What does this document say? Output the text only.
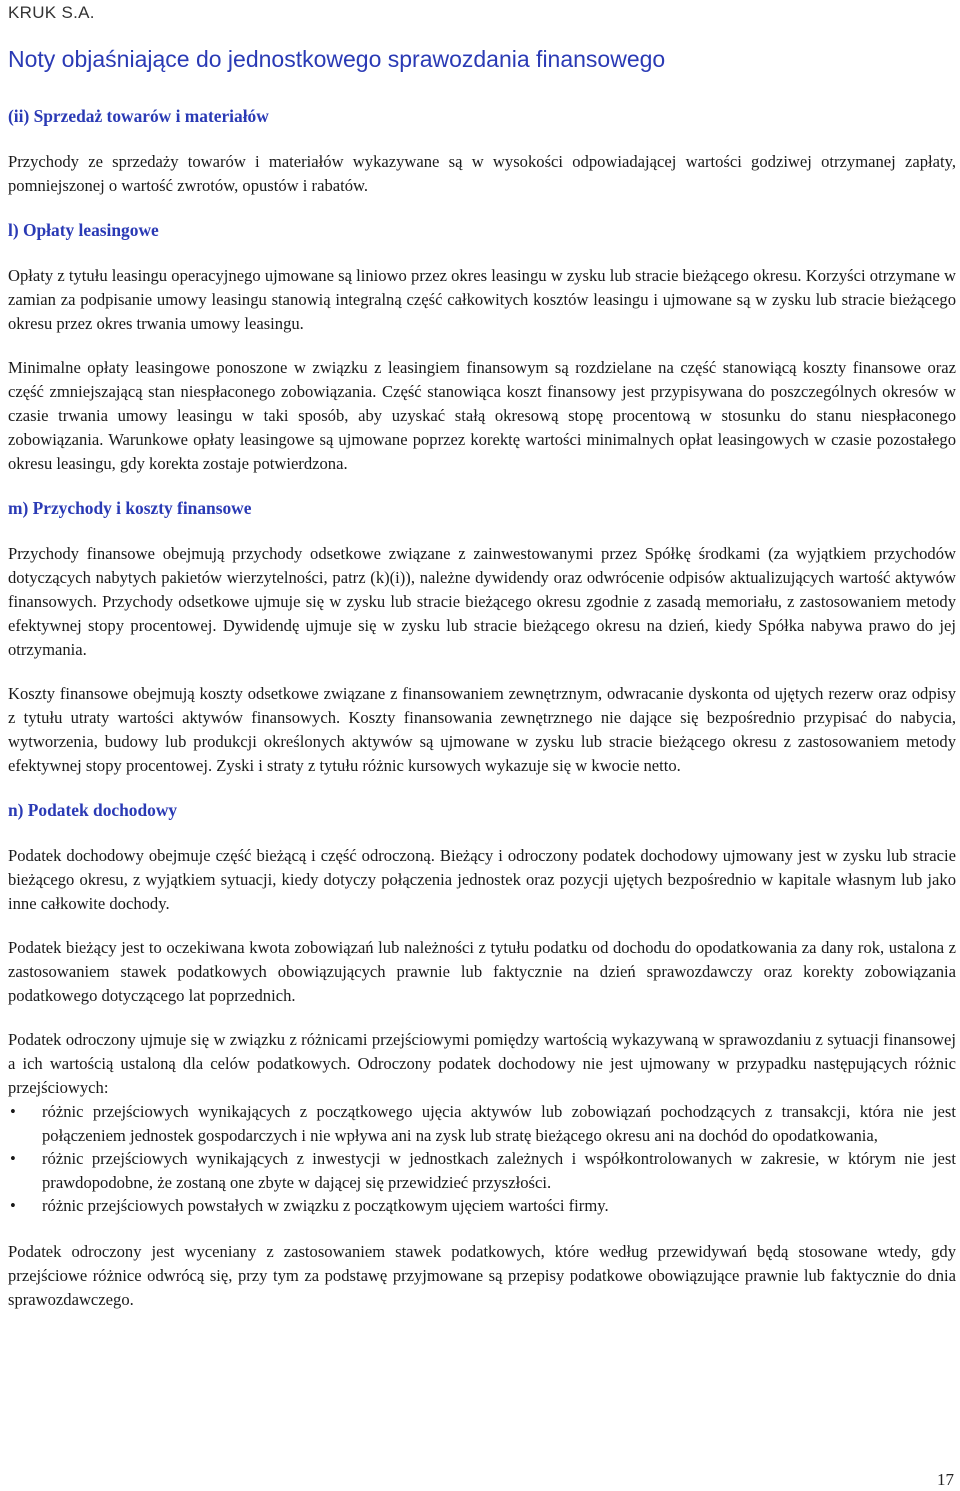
KRUK S.A.
Noty objaśniające do jednostkowego sprawozdania finansowego
(ii) Sprzedaż towarów i materiałów

Przychody ze sprzedaży towarów i materiałów wykazywane są w wysokości odpowiadającej wartości godziwej otrzymanej zapłaty, pomniejszonej o wartość zwrotów, opustów i rabatów.

l) Opłaty leasingowe

Opłaty z tytułu leasingu operacyjnego ujmowane są liniowo przez okres leasingu w zysku lub stracie bieżącego okresu. Korzyści otrzymane w zamian za podpisanie umowy leasingu stanowią integralną część całkowitych kosztów leasingu i ujmowane są w zysku lub stracie bieżącego okresu przez okres trwania umowy leasingu.

Minimalne opłaty leasingowe ponoszone w związku z leasingiem finansowym są rozdzielane na część stanowiącą koszty finansowe oraz część zmniejszającą stan niespłaconego zobowiązania. Część stanowiąca koszt finansowy jest przypisywana do poszczególnych okresów w czasie trwania umowy leasingu w taki sposób, aby uzyskać stałą okresową stopę procentową w stosunku do stanu niespłaconego zobowiązania. Warunkowe opłaty leasingowe są ujmowane poprzez korektę wartości minimalnych opłat leasingowych w czasie pozostałego okresu leasingu, gdy korekta zostaje potwierdzona.

m) Przychody i koszty finansowe

Przychody finansowe obejmują przychody odsetkowe związane z zainwestowanymi przez Spółkę środkami (za wyjątkiem przychodów dotyczących nabytych pakietów wierzytelności, patrz (k)(i)), należne dywidendy oraz odwrócenie odpisów aktualizujących wartość aktywów finansowych. Przychody odsetkowe ujmuje się w zysku lub stracie bieżącego okresu zgodnie z zasadą memoriału, z zastosowaniem metody efektywnej stopy procentowej. Dywidendę ujmuje się w zysku lub stracie bieżącego okresu na dzień, kiedy Spółka nabywa prawo do jej otrzymania.

Koszty finansowe obejmują koszty odsetkowe związane z finansowaniem zewnętrznym, odwracanie dyskonta od ujętych rezerw oraz odpisy z tytułu utraty wartości aktywów finansowych. Koszty finansowania zewnętrznego nie dające się bezpośrednio przypisać do nabycia, wytworzenia, budowy lub produkcji określonych aktywów są ujmowane w zysku lub stracie bieżącego okresu z zastosowaniem metody efektywnej stopy procentowej. Zyski i straty z tytułu różnic kursowych wykazuje się w kwocie netto.

n) Podatek dochodowy

Podatek dochodowy obejmuje część bieżącą i część odroczoną. Bieżący i odroczony podatek dochodowy ujmowany jest w zysku lub stracie bieżącego okresu, z wyjątkiem sytuacji, kiedy dotyczy połączenia jednostek oraz pozycji ujętych bezpośrednio w kapitale własnym lub jako inne całkowite dochody.

Podatek bieżący jest to oczekiwana kwota zobowiązań lub należności z tytułu podatku od dochodu do opodatkowania za dany rok, ustalona z zastosowaniem stawek podatkowych obowiązujących prawnie lub faktycznie na dzień sprawozdawczy oraz korekty zobowiązania podatkowego dotyczącego lat poprzednich.

Podatek odroczony ujmuje się w związku z różnicami przejściowymi pomiędzy wartością wykazywaną w sprawozdaniu z sytuacji finansowej a ich wartością ustaloną dla celów podatkowych. Odroczony podatek dochodowy nie jest ujmowany w przypadku następujących różnic przejściowych:

• różnic przejściowych wynikających z początkowego ujęcia aktywów lub zobowiązań pochodzących z transakcji, która nie jest połączeniem jednostek gospodarczych i nie wpływa ani na zysk lub stratę bieżącego okresu ani na dochód do opodatkowania,
• różnic przejściowych wynikających z inwestycji w jednostkach zależnych i współkontrolowanych w zakresie, w którym nie jest prawdopodobne, że zostaną one zbyte w dającej się przewidzieć przyszłości.
• różnic przejściowych powstałych w związku z początkowym ujęciem wartości firmy.

Podatek odroczony jest wyceniany z zastosowaniem stawek podatkowych, które według przewidywań będą stosowane wtedy, gdy przejściowe różnice odwrócą się, przy tym za podstawę przyjmowane są przepisy podatkowe obowiązujące prawnie lub faktycznie do dnia sprawozdawczego.

17
